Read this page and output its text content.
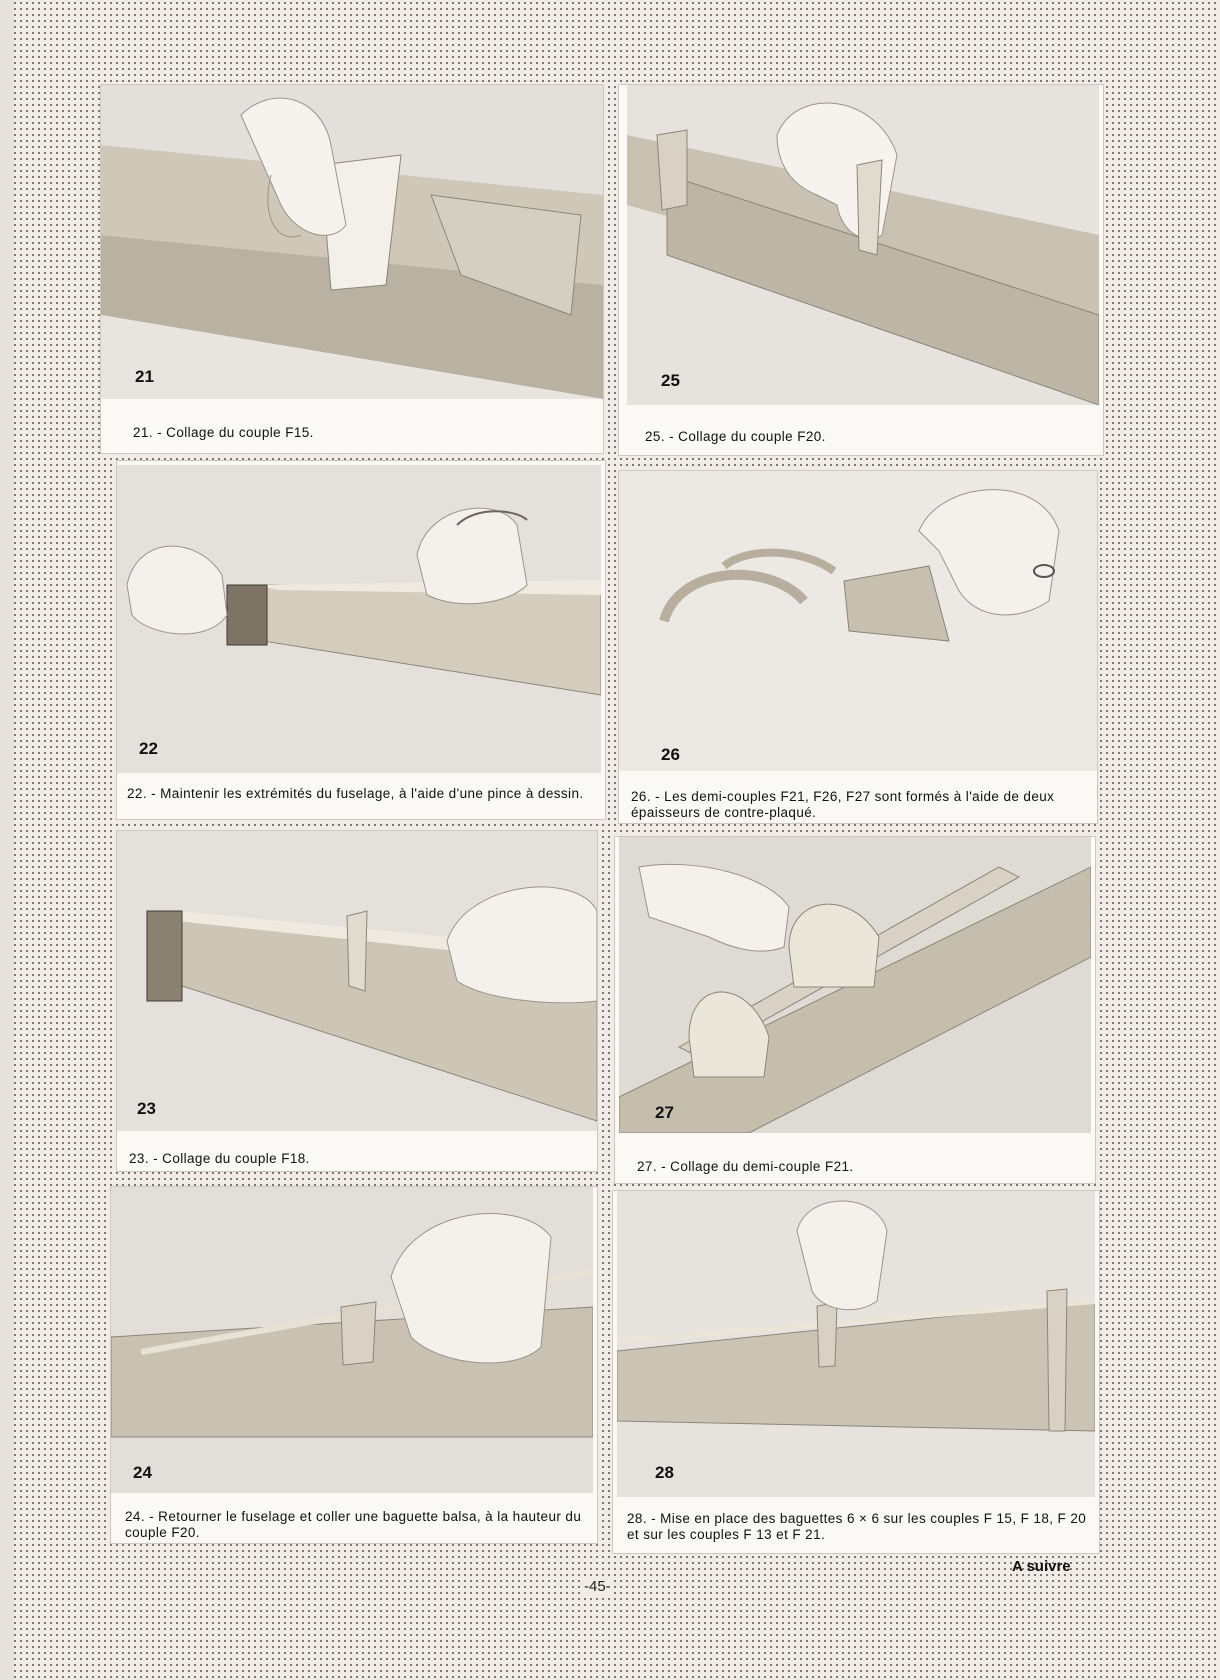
21
21. - Collage du couple F15.
25
25. - Collage du couple F20.
22
22. - Maintenir les extrémités du fuselage, à l'aide d'une pince à dessin.
26
26. - Les demi-couples F21, F26, F27 sont formés à l'aide de deux épaisseurs de contre-plaqué.
23
23. - Collage du couple F18.
27
27. - Collage du demi-couple F21.
24
24. - Retourner le fuselage et coller une baguette balsa, à la hauteur du couple F20.
28
28. - Mise en place des baguettes 6 × 6 sur les couples F 15, F 18, F 20 et sur les couples F 13 et F 21.
A suivre
-45-
